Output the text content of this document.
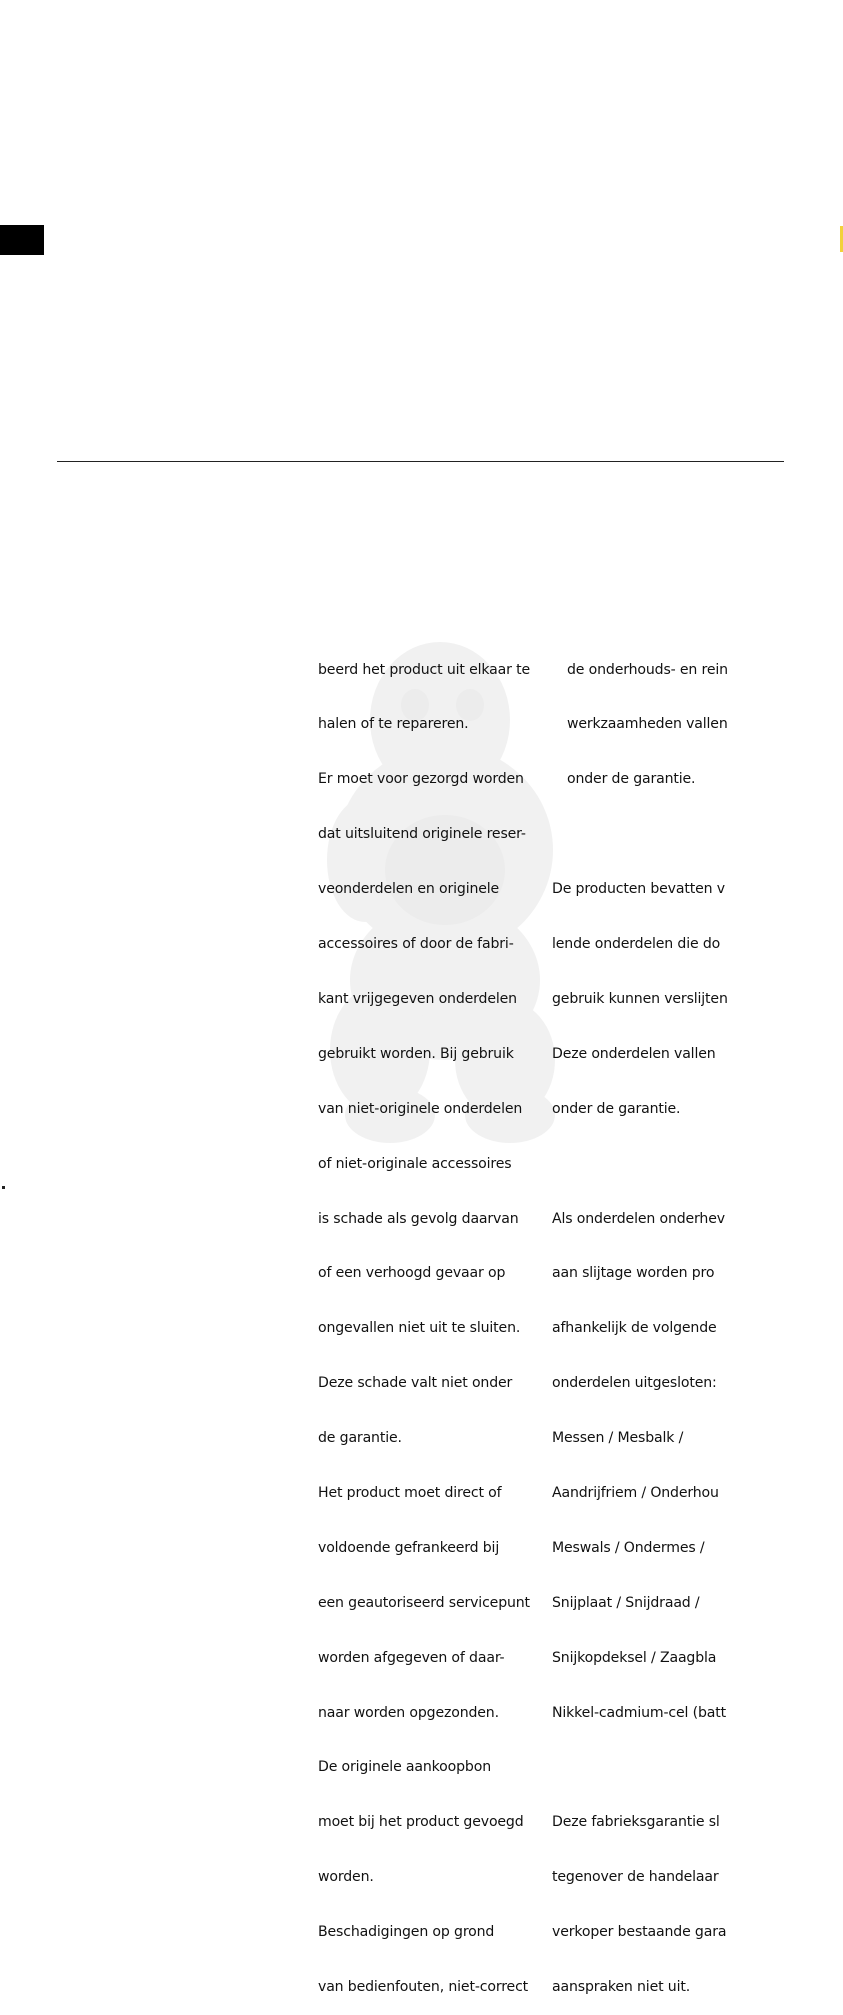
beerd het product uit elkaar te

halen of te repareren.

Er moet voor gezorgd worden

dat uitsluitend originele reser-

veonderdelen en originele

accessoires of door de fabri-

kant vrijgegeven onderdelen

gebruikt worden. Bij gebruik

van niet-originele onderdelen

of niet-originale accessoires

is schade als gevolg daarvan

of een verhoogd gevaar op

ongevallen niet uit te sluiten.

Deze schade valt niet onder

de garantie.

Het product moet direct of

voldoende gefrankeerd bij

een geautoriseerd servicepunt

worden afgegeven of daar-

naar worden opgezonden.

De originele aankoopbon

moet bij het product gevoegd

worden.

Beschadigingen op grond

van bedienfouten, niet-correct

de onderhouds- en rein

werkzaamheden vallen

onder de garantie.

De producten bevatten v

lende onderdelen die do

gebruik kunnen verslijten

Deze onderdelen vallen

onder de garantie.

Als onderdelen onderhev

aan slijtage worden pro

afhankelijk de volgende

onderdelen uitgesloten:

Messen / Mesbalk /

Aandrijfriem / Onderhou

Meswals / Ondermes /

Snijplaat / Snijdraad /

Snijkopdeksel / Zaagbla

Nikkel-cadmium-cel (batt

Deze fabrieksgarantie sl

tegenover de handelaar

verkoper bestaande gara

aanspraken niet uit.
